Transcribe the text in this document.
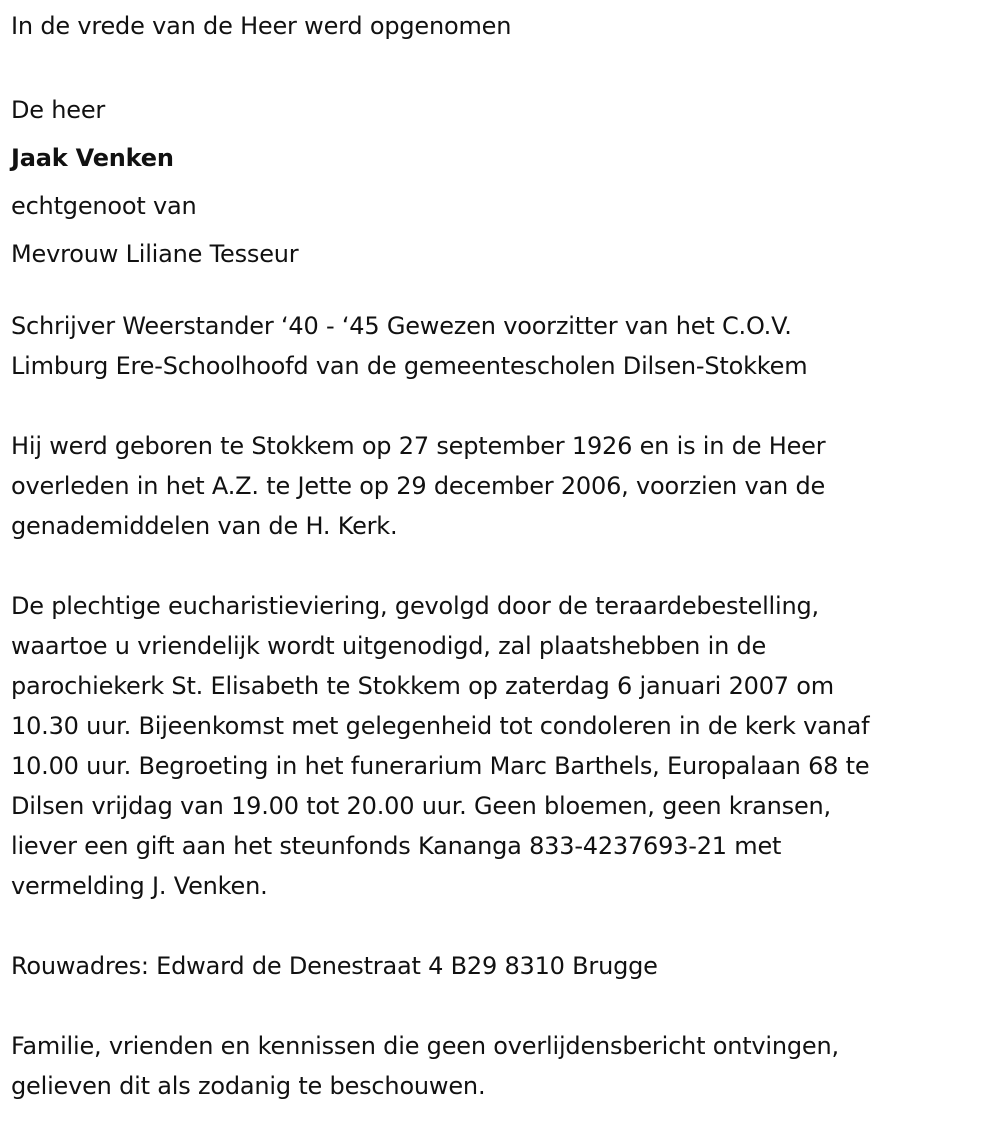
In de vrede van de Heer werd opgenomen

De heer

Jaak Venken

echtgenoot van

Mevrouw Liliane Tesseur

Schrijver Weerstander ‘40 - ‘45 Gewezen voorzitter van het C.O.V.
Limburg Ere-Schoolhoofd van de gemeentescholen Dilsen-Stokkem
Hij werd geboren te Stokkem op 27 september 1926 en is in de Heer
overleden in het A.Z. te Jette op 29 december 2006, voorzien van de
genademiddelen van de H. Kerk.
De plechtige eucharistieviering, gevolgd door de teraardebestelling,
waartoe u vriendelijk wordt uitgenodigd, zal plaatshebben in de
parochiekerk St. Elisabeth te Stokkem op zaterdag 6 januari 2007 om
10.30 uur. Bijeenkomst met gelegenheid tot condoleren in de kerk vanaf
10.00 uur. Begroeting in het funerarium Marc Barthels, Europalaan 68 te
Dilsen vrijdag van 19.00 tot 20.00 uur. Geen bloemen, geen kransen,
liever een gift aan het steunfonds Kananga 833-4237693-21 met
vermelding J. Venken.

Rouwadres: Edward de Denestraat 4 B29 8310 Brugge

Familie, vrienden en kennissen die geen overlijdensbericht ontvingen,
gelieven dit als zodanig te beschouwen.
